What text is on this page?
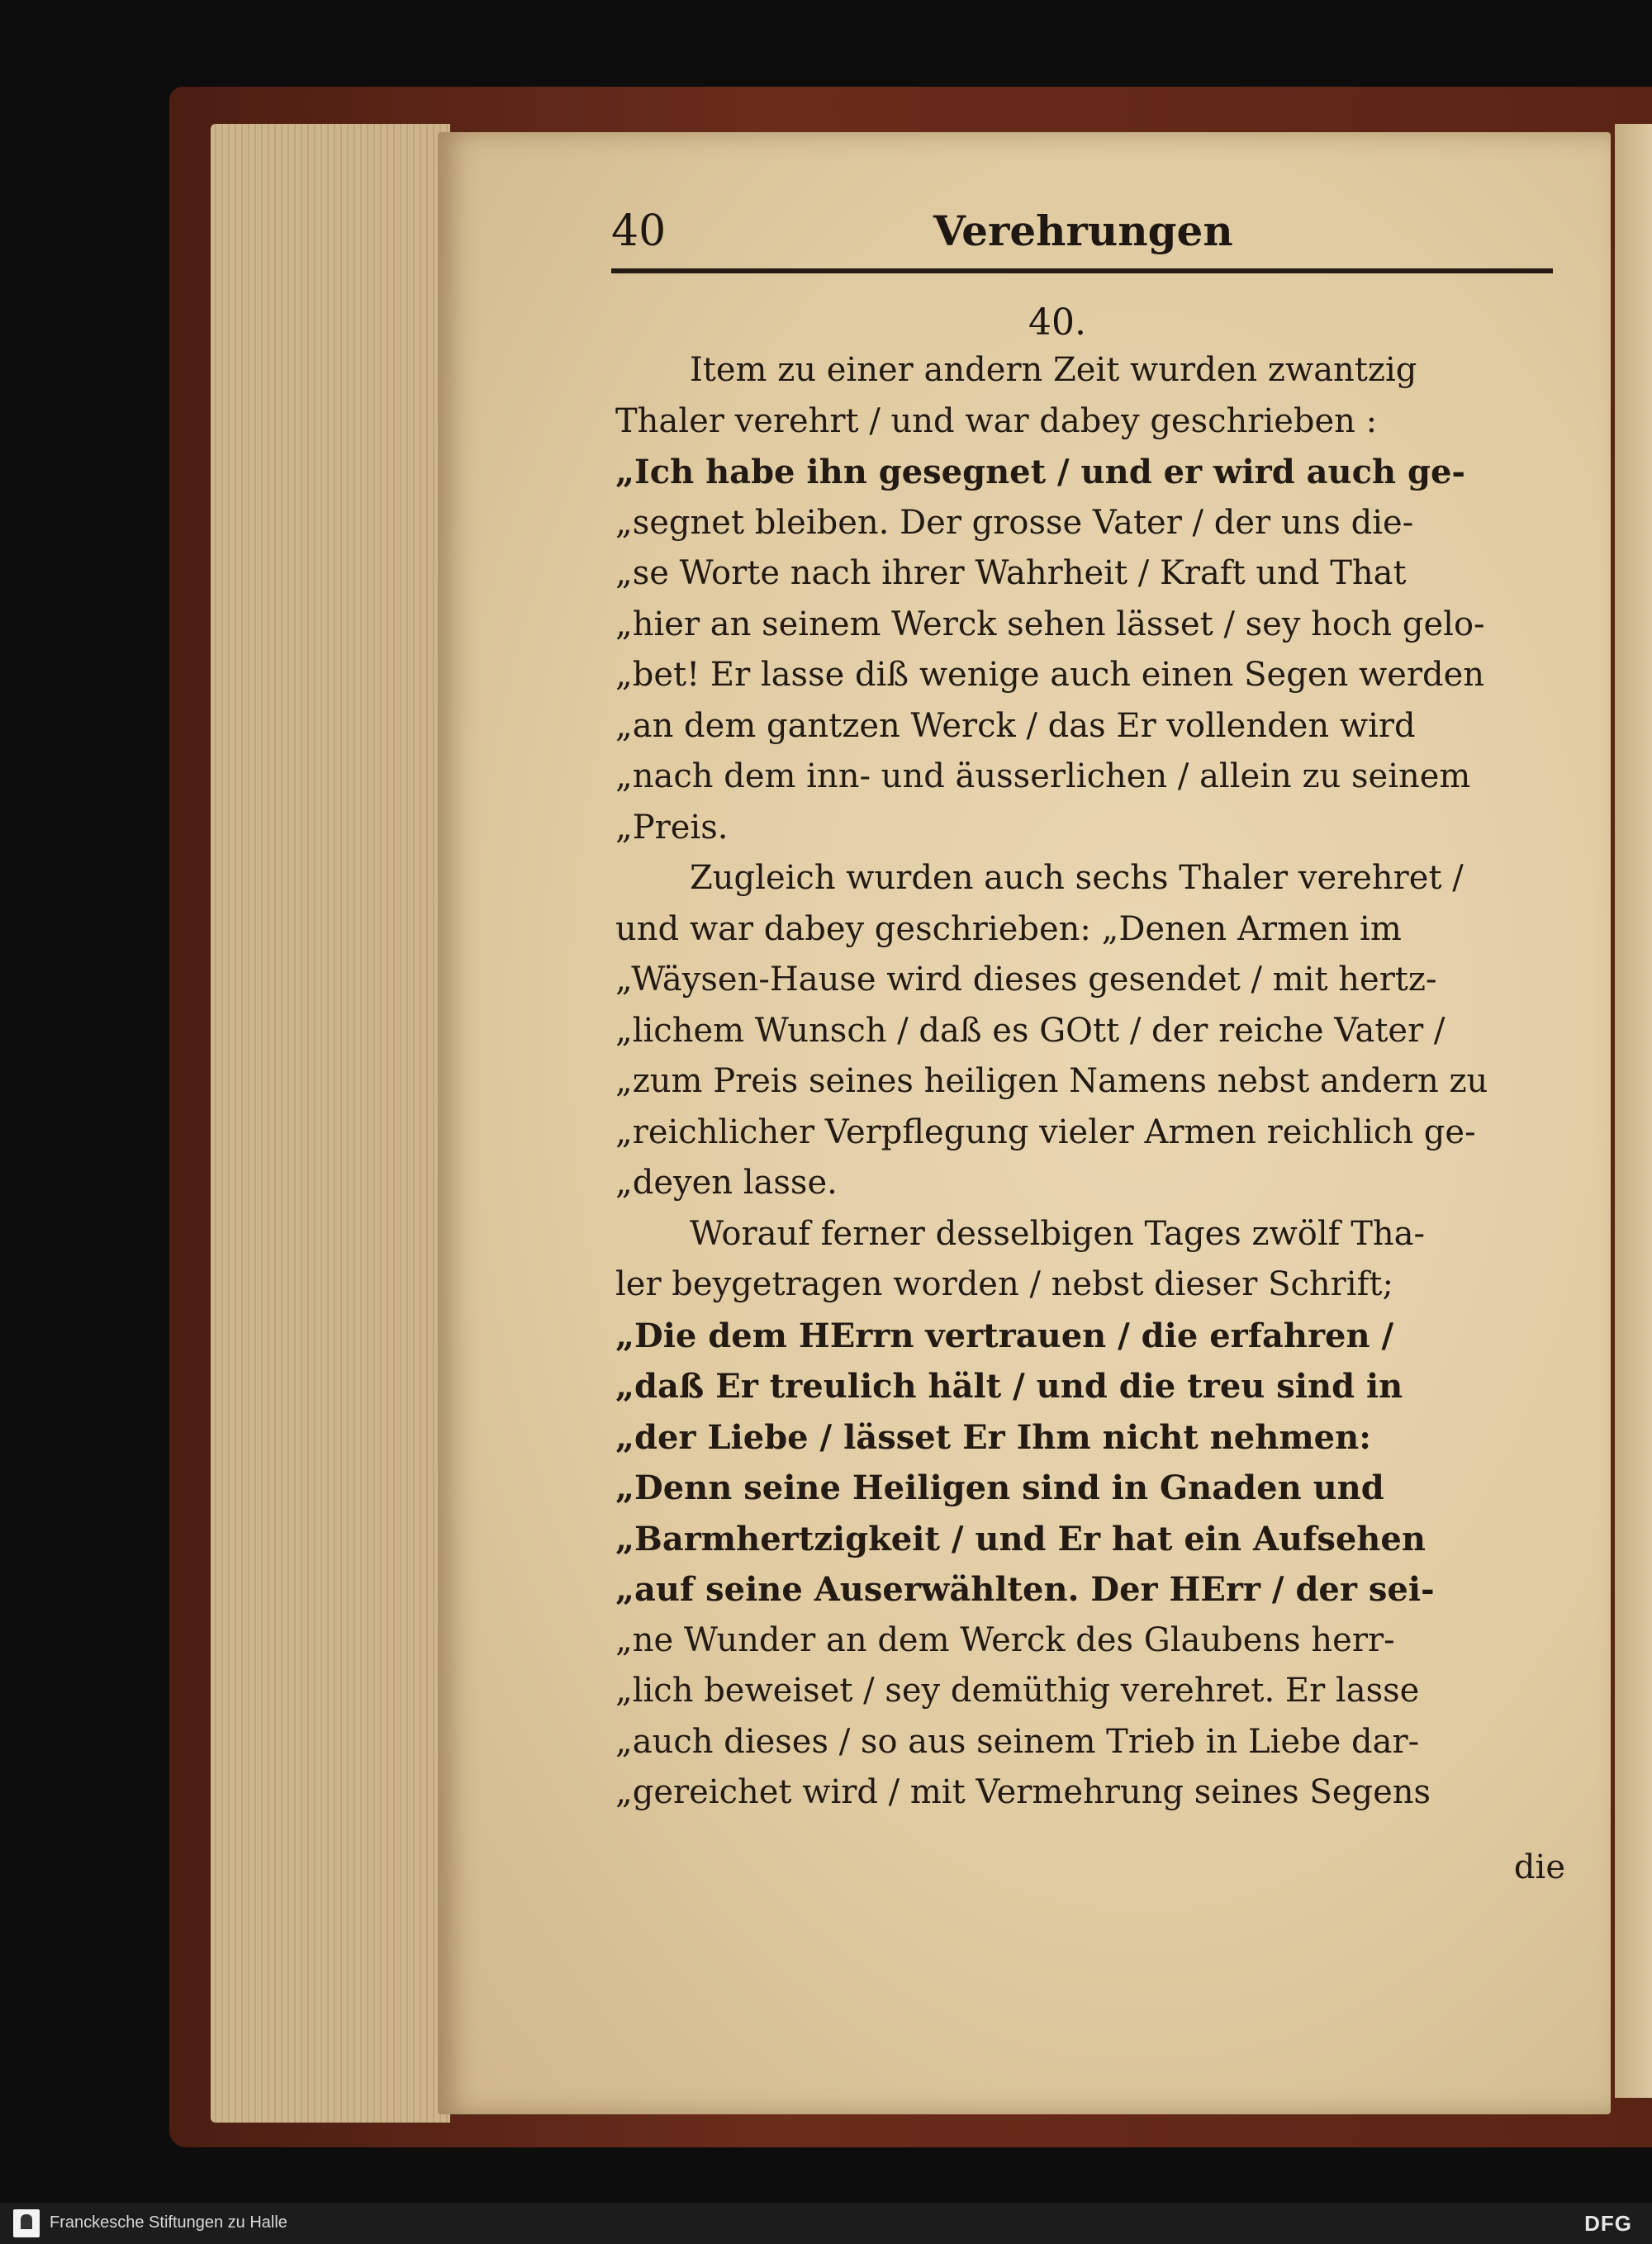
40	Verehrungen
40.
Item zu einer andern Zeit wurden zwantzig
Thaler verehrt / und war dabey geschrieben :
„Ich habe ihn gesegnet / und er wird auch ge-
„segnet bleiben. Der grosse Vater / der uns die-
„se Worte nach ihrer Wahrheit / Kraft und That
„hier an seinem Werck sehen lässet / sey hoch gelo-
„bet! Er lasse diß wenige auch einen Segen werden
„an dem gantzen Werck / das Er vollenden wird
„nach dem inn- und äusserlichen / allein zu seinem
„Preis.
Zugleich wurden auch sechs Thaler verehret /
und war dabey geschrieben: „Denen Armen im
„Wäysen-Hause wird dieses gesendet / mit hertz-
„lichem Wunsch / daß es GOtt / der reiche Vater /
„zum Preis seines heiligen Namens nebst andern zu
„reichlicher Verpflegung vieler Armen reichlich ge-
„deyen lasse.
Worauf ferner desselbigen Tages zwölf Tha-
ler beygetragen worden / nebst dieser Schrift;
„Die dem HErrn vertrauen / die erfahren /
„daß Er treulich hält / und die treu sind in
„der Liebe / lässet Er Ihm nicht nehmen:
„Denn seine Heiligen sind in Gnaden und
„Barmhertzigkeit / und Er hat ein Aufsehen
„auf seine Auserwählten. Der HErr / der sei-
„ne Wunder an dem Werck des Glaubens herr-
„lich beweiset / sey demüthig verehret. Er lasse
„auch dieses / so aus seinem Trieb in Liebe dar-
„gereichet wird / mit Vermehrung seines Segens
die
Franckesche Stiftungen zu Halle	DFG
